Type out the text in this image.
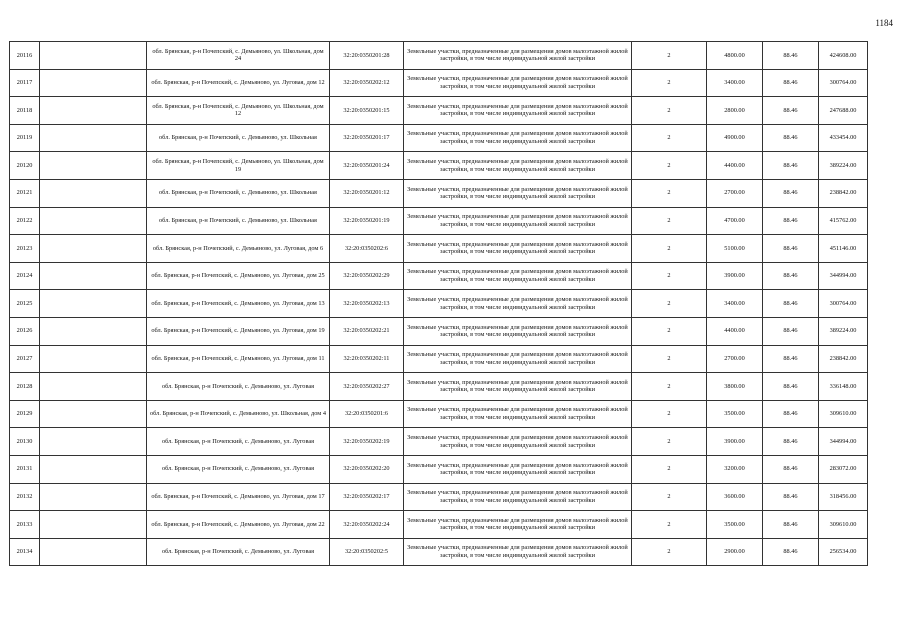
1184
20116		обл. Брянская, р-н Почепский, с. Демьяново, ул. Школьная, дом 24	32:20:0350201:28	Земельные участки, предназначенные для размещения домов малоэтажной жилой застройки, в том числе индивидуальной жилой застройки	2	4800.00	88.46	424608.00
20117		обл. Брянская, р-н Почепский, с. Демьяново, ул. Луговая, дом 12	32:20:0350202:12	Земельные участки, предназначенные для размещения домов малоэтажной жилой застройки, в том числе индивидуальной жилой застройки	2	3400.00	88.46	300764.00
20118		обл. Брянская, р-н Почепский, с. Демьяново, ул. Школьная, дом 12	32:20:0350201:15	Земельные участки, предназначенные для размещения домов малоэтажной жилой застройки, в том числе индивидуальной жилой застройки	2	2800.00	88.46	247688.00
20119		обл. Брянская, р-н Почепский, с. Демьяново, ул. Школьная	32:20:0350201:17	Земельные участки, предназначенные для размещения домов малоэтажной жилой застройки, в том числе индивидуальной жилой застройки	2	4900.00	88.46	433454.00
20120		обл. Брянская, р-н Почепский, с. Демьяново, ул. Школьная, дом 19	32:20:0350201:24	Земельные участки, предназначенные для размещения домов малоэтажной жилой застройки, в том числе индивидуальной жилой застройки	2	4400.00	88.46	389224.00
20121		обл. Брянская, р-н Почепский, с. Демьяново, ул. Школьная	32:20:0350201:12	Земельные участки, предназначенные для размещения домов малоэтажной жилой застройки, в том числе индивидуальной жилой застройки	2	2700.00	88.46	238842.00
20122		обл. Брянская, р-н Почепский, с. Демьяново, ул. Школьная	32:20:0350201:19	Земельные участки, предназначенные для размещения домов малоэтажной жилой застройки, в том числе индивидуальной жилой застройки	2	4700.00	88.46	415762.00
20123		обл. Брянская, р-н Почепский, с. Демьяново, ул. Луговая, дом 6	32:20:0350202:6	Земельные участки, предназначенные для размещения домов малоэтажной жилой застройки, в том числе индивидуальной жилой застройки	2	5100.00	88.46	451146.00
20124		обл. Брянская, р-н Почепский, с. Демьяново, ул. Луговая, дом 25	32:20:0350202:29	Земельные участки, предназначенные для размещения домов малоэтажной жилой застройки, в том числе индивидуальной жилой застройки	2	3900.00	88.46	344994.00
20125		обл. Брянская, р-н Почепский, с. Демьяново, ул. Луговая, дом 13	32:20:0350202:13	Земельные участки, предназначенные для размещения домов малоэтажной жилой застройки, в том числе индивидуальной жилой застройки	2	3400.00	88.46	300764.00
20126		обл. Брянская, р-н Почепский, с. Демьяново, ул. Луговая, дом 19	32:20:0350202:21	Земельные участки, предназначенные для размещения домов малоэтажной жилой застройки, в том числе индивидуальной жилой застройки	2	4400.00	88.46	389224.00
20127		обл. Брянская, р-н Почепский, с. Демьяново, ул. Луговая, дом 11	32:20:0350202:11	Земельные участки, предназначенные для размещения домов малоэтажной жилой застройки, в том числе индивидуальной жилой застройки	2	2700.00	88.46	238842.00
20128		обл. Брянская, р-н Почепский, с. Демьяново, ул. Луговая	32:20:0350202:27	Земельные участки, предназначенные для размещения домов малоэтажной жилой застройки, в том числе индивидуальной жилой застройки	2	3800.00	88.46	336148.00
20129		обл. Брянская, р-н Почепский, с. Демьяново, ул. Школьная, дом 4	32:20:0350201:6	Земельные участки, предназначенные для размещения домов малоэтажной жилой застройки, в том числе индивидуальной жилой застройки	2	3500.00	88.46	309610.00
20130		обл. Брянская, р-н Почепский, с. Демьяново, ул. Луговая	32:20:0350202:19	Земельные участки, предназначенные для размещения домов малоэтажной жилой застройки, в том числе индивидуальной жилой застройки	2	3900.00	88.46	344994.00
20131		обл. Брянская, р-н Почепский, с. Демьяново, ул. Луговая	32:20:0350202:20	Земельные участки, предназначенные для размещения домов малоэтажной жилой застройки, в том числе индивидуальной жилой застройки	2	3200.00	88.46	283072.00
20132		обл. Брянская, р-н Почепский, с. Демьяново, ул. Луговая, дом 17	32:20:0350202:17	Земельные участки, предназначенные для размещения домов малоэтажной жилой застройки, в том числе индивидуальной жилой застройки	2	3600.00	88.46	318456.00
20133		обл. Брянская, р-н Почепский, с. Демьяново, ул. Луговая, дом 22	32:20:0350202:24	Земельные участки, предназначенные для размещения домов малоэтажной жилой застройки, в том числе индивидуальной жилой застройки	2	3500.00	88.46	309610.00
20134		обл. Брянская, р-н Почепский, с. Демьяново, ул. Луговая	32:20:0350202:5	Земельные участки, предназначенные для размещения домов малоэтажной жилой застройки, в том числе индивидуальной жилой застройки	2	2900.00	88.46	256534.00
